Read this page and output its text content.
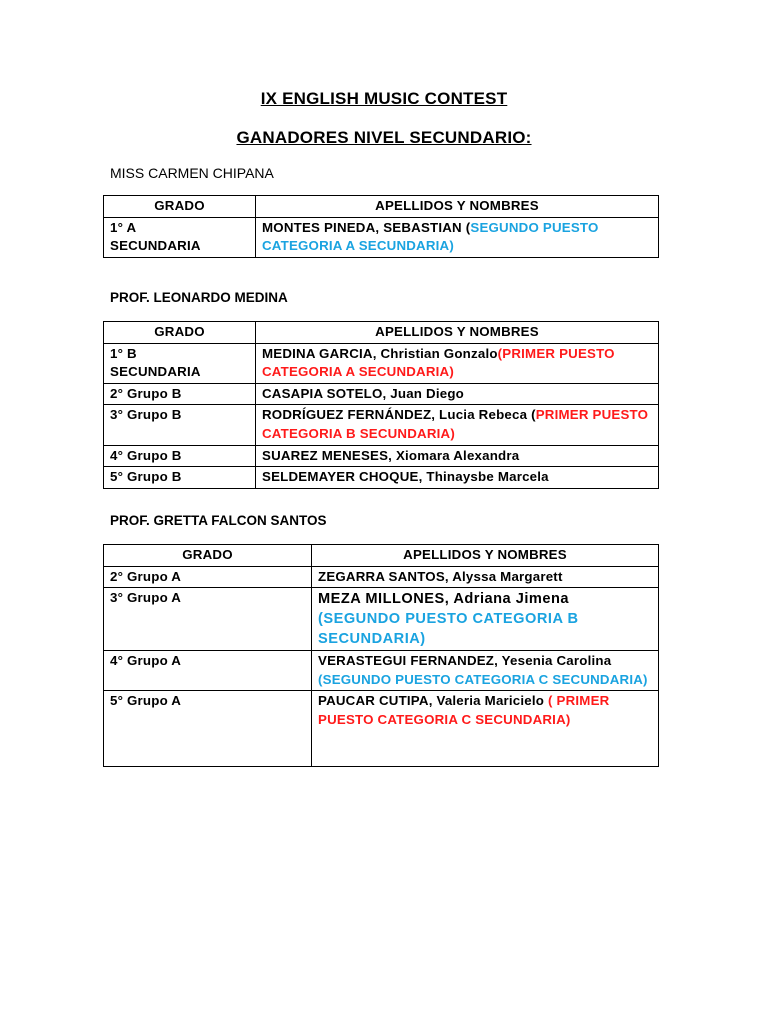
IX ENGLISH MUSIC CONTEST
GANADORES NIVEL SECUNDARIO:
MISS CARMEN CHIPANA
GRADO	APELLIDOS Y NOMBRES
1° A
SECUNDARIA	MONTES PINEDA, SEBASTIAN (SEGUNDO PUESTO CATEGORIA A SECUNDARIA)
PROF. LEONARDO MEDINA
GRADO	APELLIDOS Y NOMBRES
1° B
SECUNDARIA	MEDINA GARCIA, Christian Gonzalo(PRIMER PUESTO CATEGORIA A SECUNDARIA)
2° Grupo B	CASAPIA SOTELO, Juan Diego
3° Grupo B	RODRÍGUEZ FERNÁNDEZ, Lucia Rebeca (PRIMER PUESTO CATEGORIA B SECUNDARIA)
4° Grupo B	SUAREZ MENESES, Xiomara Alexandra
5° Grupo B	SELDEMAYER CHOQUE, Thinaysbe Marcela
PROF. GRETTA FALCON SANTOS
GRADO	APELLIDOS Y NOMBRES
2° Grupo A	ZEGARRA SANTOS, Alyssa Margarett
3° Grupo A	MEZA MILLONES, Adriana Jimena
(SEGUNDO PUESTO CATEGORIA B SECUNDARIA)
4° Grupo A	VERASTEGUI FERNANDEZ, Yesenia Carolina (SEGUNDO PUESTO CATEGORIA C SECUNDARIA)
5° Grupo A	PAUCAR CUTIPA, Valeria Maricielo ( PRIMER PUESTO CATEGORIA C SECUNDARIA)
